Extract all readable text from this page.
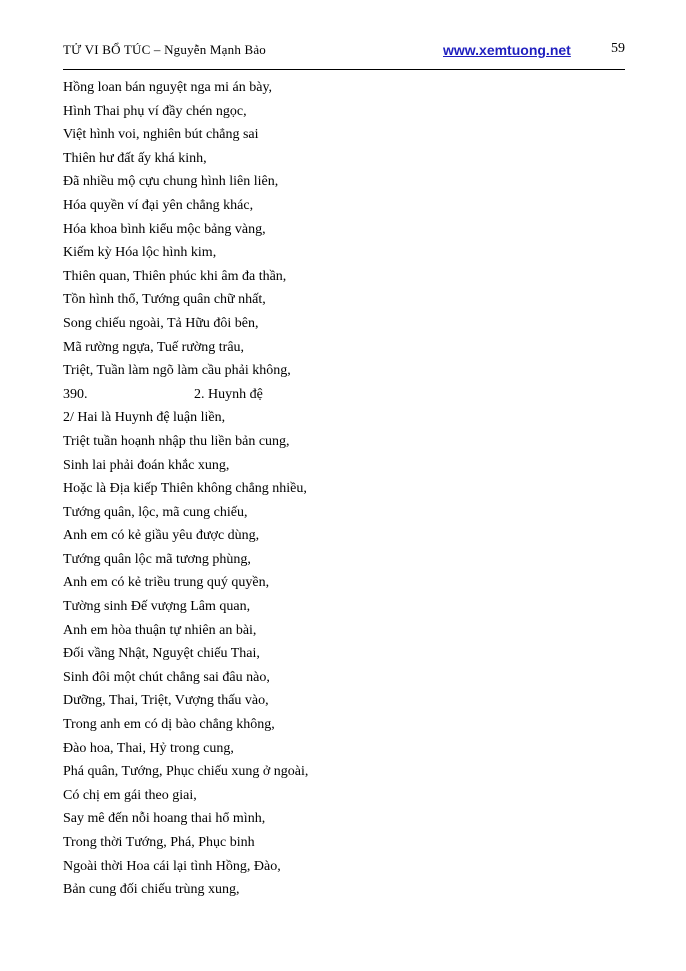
TỬ VI BỔ TÚC – Nguyễn Mạnh Bảo	www.xemtuong.net	59
Hồng loan bán nguyệt nga mi án bày,
Hình Thai phụ ví đầy chén ngọc,
Việt hình voi, nghiên bút chẳng sai
Thiên hư đất ấy khá kinh,
Đã nhiều mộ cựu chung hình liên liên,
Hóa quyền ví đại yên chẳng khác,
Hóa khoa bình kiểu mộc bảng vàng,
Kiếm kỳ Hóa lộc hình kim,
Thiên quan, Thiên phúc khi âm đa thần,
Tồn hình thổ, Tướng quân chữ nhất,
Song chiếu ngoài, Tả Hữu đôi bên,
Mã rường ngựa, Tuế rường trâu,
Triệt, Tuần làm ngõ làm cầu phải không,
390.	2. Huynh đệ
2/ Hai là Huynh đệ luận liền,
Triệt tuần hoạnh nhập thu liền bản cung,
Sinh lai phải đoán khắc xung,
Hoặc là Địa kiếp Thiên không chẳng nhiều,
Tướng quân, lộc, mã cung chiếu,
Anh em có kẻ giầu yêu được dùng,
Tướng quân lộc mã tương phùng,
Anh em có kẻ triều trung quý quyền,
Tường sinh Đế vượng Lâm quan,
Anh em hòa thuận tự nhiên an bài,
Đối vầng Nhật, Nguyệt chiếu Thai,
Sinh đôi một chút chẳng sai đâu nào,
Dưỡng, Thai, Triệt, Vượng thấu vào,
Trong anh em có dị bào chẳng không,
Đào hoa, Thai, Hỷ trong cung,
Phá quân, Tướng, Phục chiếu xung ở ngoài,
Có chị em gái theo giai,
Say mê đến nỗi hoang thai hổ mình,
Trong thời Tướng, Phá, Phục binh
Ngoài thời Hoa cái lại tình Hồng, Đào,
Bản cung đối chiếu trùng xung,
